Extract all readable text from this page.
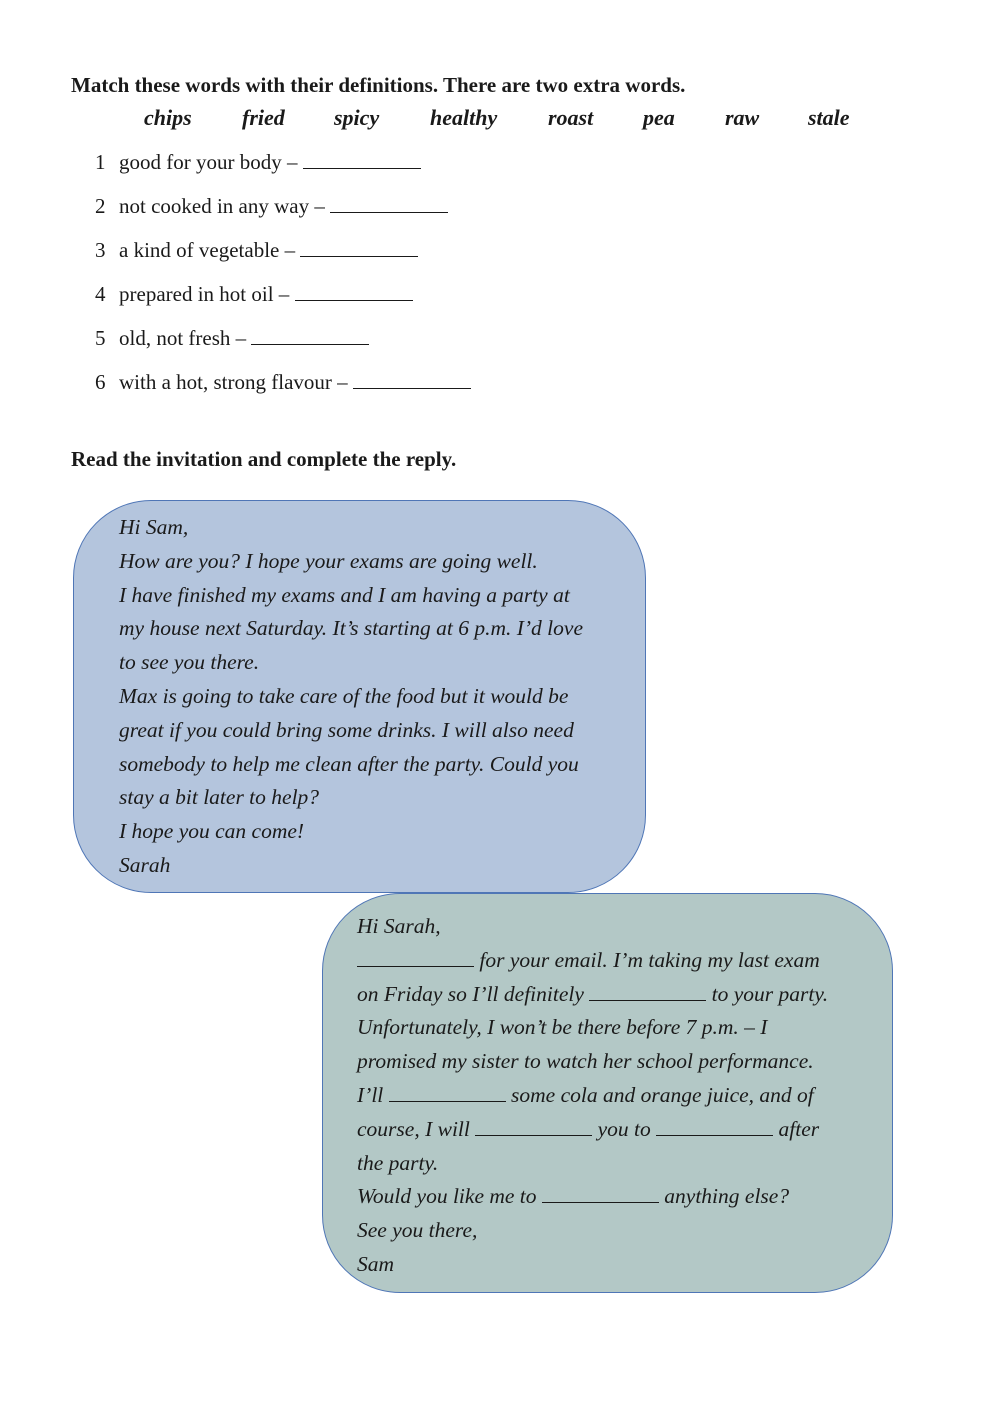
Match these words with their definitions. There are two extra words.
chips fried spicy healthy roast pea raw stale
1 good for your body –
2 not cooked in any way –
3 a kind of vegetable –
4 prepared in hot oil –
5 old, not fresh –
6 with a hot, strong flavour –
Read the invitation and complete the reply.
Hi Sam,
How are you? I hope your exams are going well.
I have finished my exams and I am having a party at
my house next Saturday. It’s starting at 6 p.m. I’d love
to see you there.
Max is going to take care of the food but it would be
great if you could bring some drinks. I will also need
somebody to help me clean after the party. Could you
stay a bit later to help?
I hope you can come!
Sarah
Hi Sarah,
for your email. I’m taking my last exam
on Friday so I’ll definitely	to your party.
Unfortunately, I won’t be there before 7 p.m. – I
promised my sister to watch her school performance.
I’ll	some cola and orange juice, and of
course, I will	you to	after
the party.
Would you like me to	anything else?
See you there,
Sam
